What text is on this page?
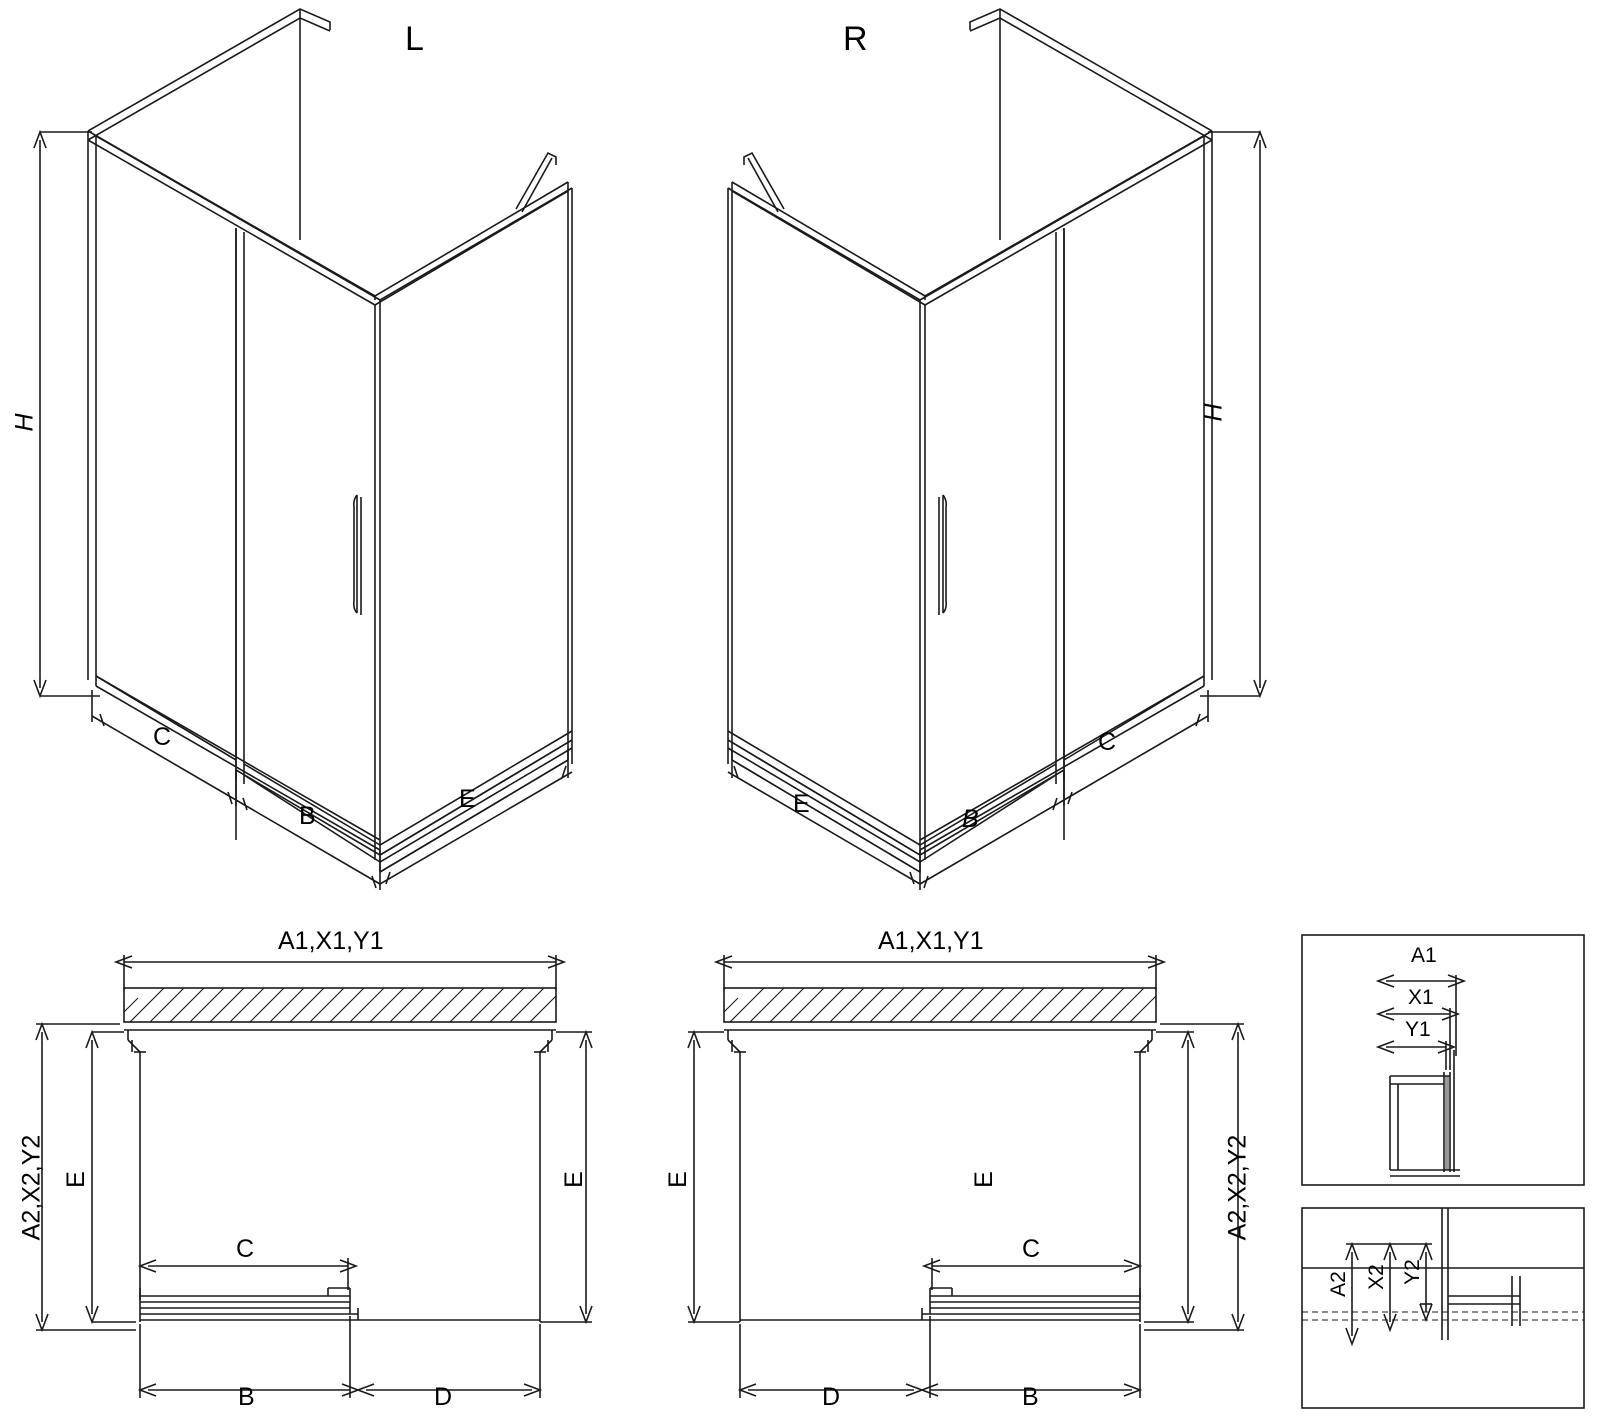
L	R
H
H
C
B
E
C
B
E
A1,X1,Y1	A1,X1,Y1
A2,X2,Y2	A2,X2,Y2
E	E
E
E
C	C
B	D	D	B
A1
X1
Y1
A2 X2 Y2
